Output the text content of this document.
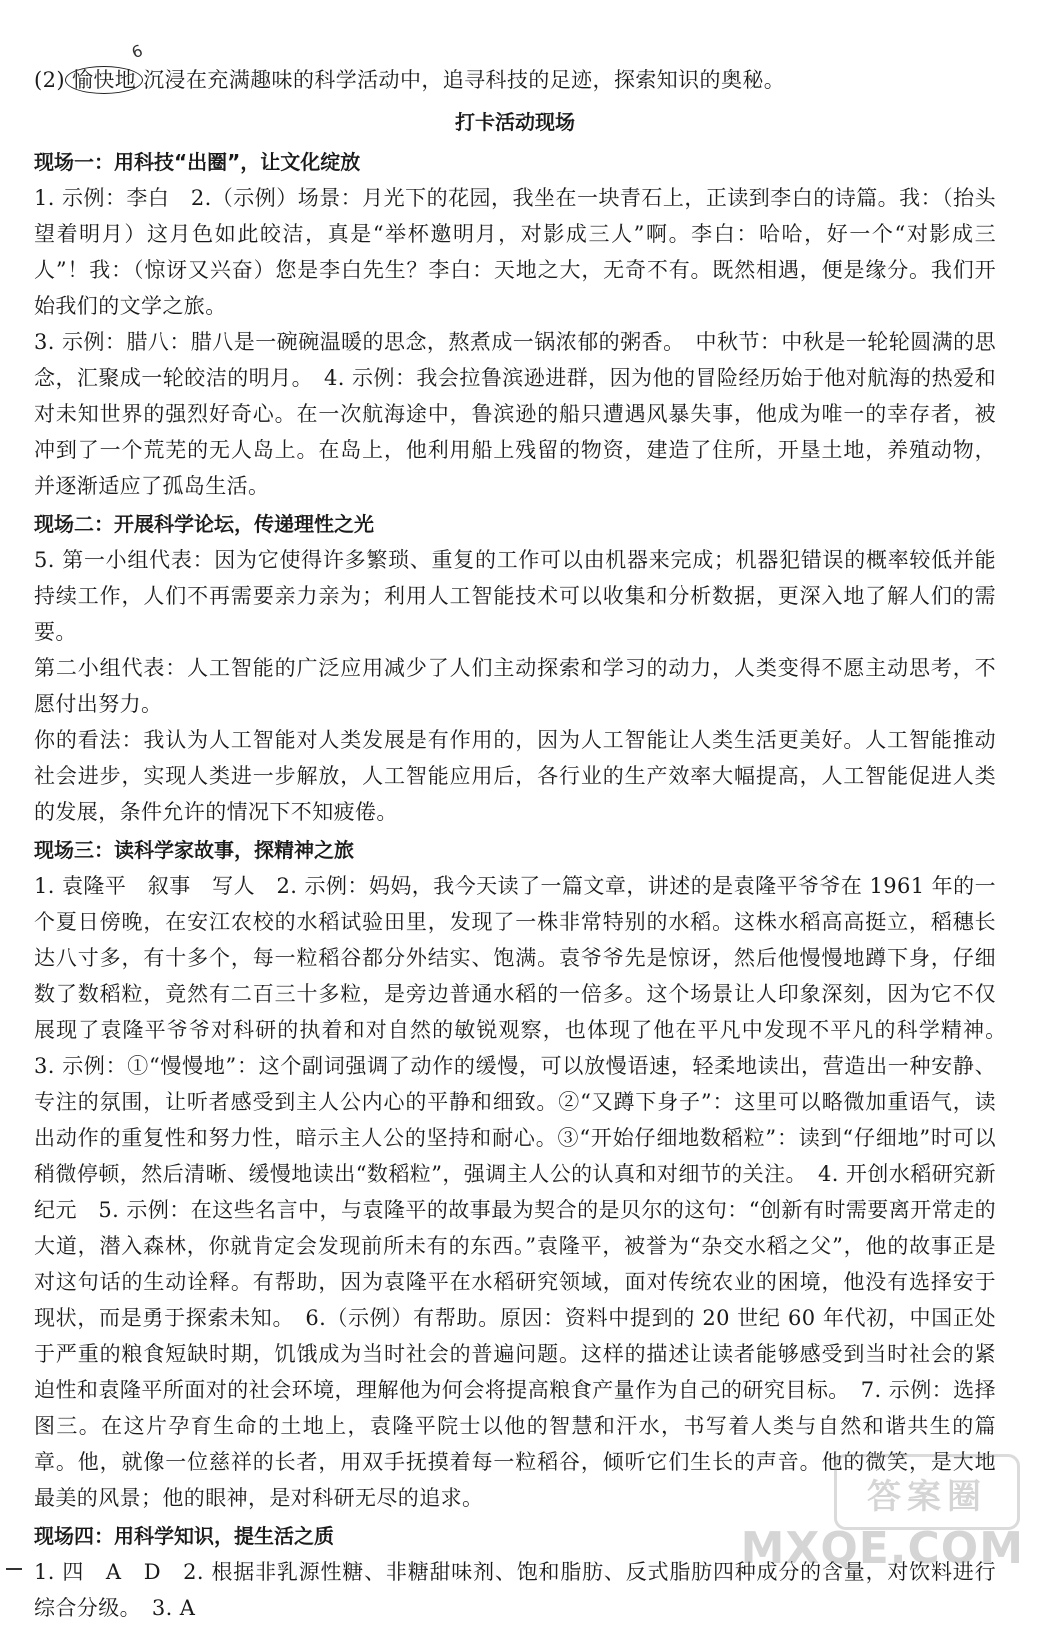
(2) 愉快地 沉浸在充满趣味的科学活动中，追寻科技的足迹，探索知识的奥秘。

打卡活动现场
现场一：用科技“出圈”，让文化绽放

1. 示例：李白　2.（示例）场景：月光下的花园，我坐在一块青石上，正读到李白的诗篇。我：（抬头望着明月）这月色如此皎洁，真是“举杯邀明月，对影成三人”啊。李白：哈哈，好一个“对影成三人”！我：（惊讶又兴奋）您是李白先生？李白：天地之大，无奇不有。既然相遇，便是缘分。我们开始我们的文学之旅。

3. 示例：腊八：腊八是一碗碗温暖的思念，熬煮成一锅浓郁的粥香。　中秋节：中秋是一轮轮圆满的思念，汇聚成一轮皎洁的明月。　4. 示例：我会拉鲁滨逊进群，因为他的冒险经历始于他对航海的热爱和对未知世界的强烈好奇心。在一次航海途中，鲁滨逊的船只遭遇风暴失事，他成为唯一的幸存者，被冲到了一个荒芜的无人岛上。在岛上，他利用船上残留的物资，建造了住所，开垦土地，养殖动物，并逐渐适应了孤岛生活。

现场二：开展科学论坛，传递理性之光

5. 第一小组代表：因为它使得许多繁琐、重复的工作可以由机器来完成；机器犯错误的概率较低并能持续工作，人们不再需要亲力亲为；利用人工智能技术可以收集和分析数据，更深入地了解人们的需要。

第二小组代表：人工智能的广泛应用减少了人们主动探索和学习的动力，人类变得不愿主动思考，不愿付出努力。

你的看法：我认为人工智能对人类发展是有作用的，因为人工智能让人类生活更美好。人工智能推动社会进步，实现人类进一步解放，人工智能应用后，各行业的生产效率大幅提高，人工智能促进人类的发展，条件允许的情况下不知疲倦。

现场三：读科学家故事，探精神之旅

1. 袁隆平　叙事　写人　2. 示例：妈妈，我今天读了一篇文章，讲述的是袁隆平爷爷在 1961 年的一个夏日傍晚，在安江农校的水稻试验田里，发现了一株非常特别的水稻。这株水稻高高挺立，稻穗长达八寸多，有十多个，每一粒稻谷都分外结实、饱满。袁爷爷先是惊讶，然后他慢慢地蹲下身，仔细数了数稻粒，竟然有二百三十多粒，是旁边普通水稻的一倍多。这个场景让人印象深刻，因为它不仅展现了袁隆平爷爷对科研的执着和对自然的敏锐观察，也体现了他在平凡中发现不平凡的科学精神。　3. 示例：①“慢慢地”：这个副词强调了动作的缓慢，可以放慢语速，轻柔地读出，营造出一种安静、专注的氛围，让听者感受到主人公内心的平静和细致。②“又蹲下身子”：这里可以略微加重语气，读出动作的重复性和努力性，暗示主人公的坚持和耐心。③“开始仔细地数稻粒”：读到“仔细地”时可以稍微停顿，然后清晰、缓慢地读出“数稻粒”，强调主人公的认真和对细节的关注。　4. 开创水稻研究新纪元　5. 示例：在这些名言中，与袁隆平的故事最为契合的是贝尔的这句：“创新有时需要离开常走的大道，潜入森林，你就肯定会发现前所未有的东西。”袁隆平，被誉为“杂交水稻之父”，他的故事正是对这句话的生动诠释。有帮助，因为袁隆平在水稻研究领域，面对传统农业的困境，他没有选择安于现状，而是勇于探索未知。　6.（示例）有帮助。原因：资料中提到的 20 世纪 60 年代初，中国正处于严重的粮食短缺时期，饥饿成为当时社会的普遍问题。这样的描述让读者能够感受到当时社会的紧迫性和袁隆平所面对的社会环境，理解他为何会将提高粮食产量作为自己的研究目标。　7. 示例：选择图三。在这片孕育生命的土地上，袁隆平院士以他的智慧和汗水，书写着人类与自然和谐共生的篇章。他，就像一位慈祥的长者，用双手抚摸着每一粒稻谷，倾听它们生长的声音。他的微笑，是大地最美的风景；他的眼神，是对科研无尽的追求。

现场四：用科学知识，提生活之质

1. 四　A　D　2. 根据非乳源性糖、非糖甜味剂、饱和脂肪、反式脂肪四种成分的含量，对饮料进行综合分级。　3. A

6
答案圈
MXQE.COM
